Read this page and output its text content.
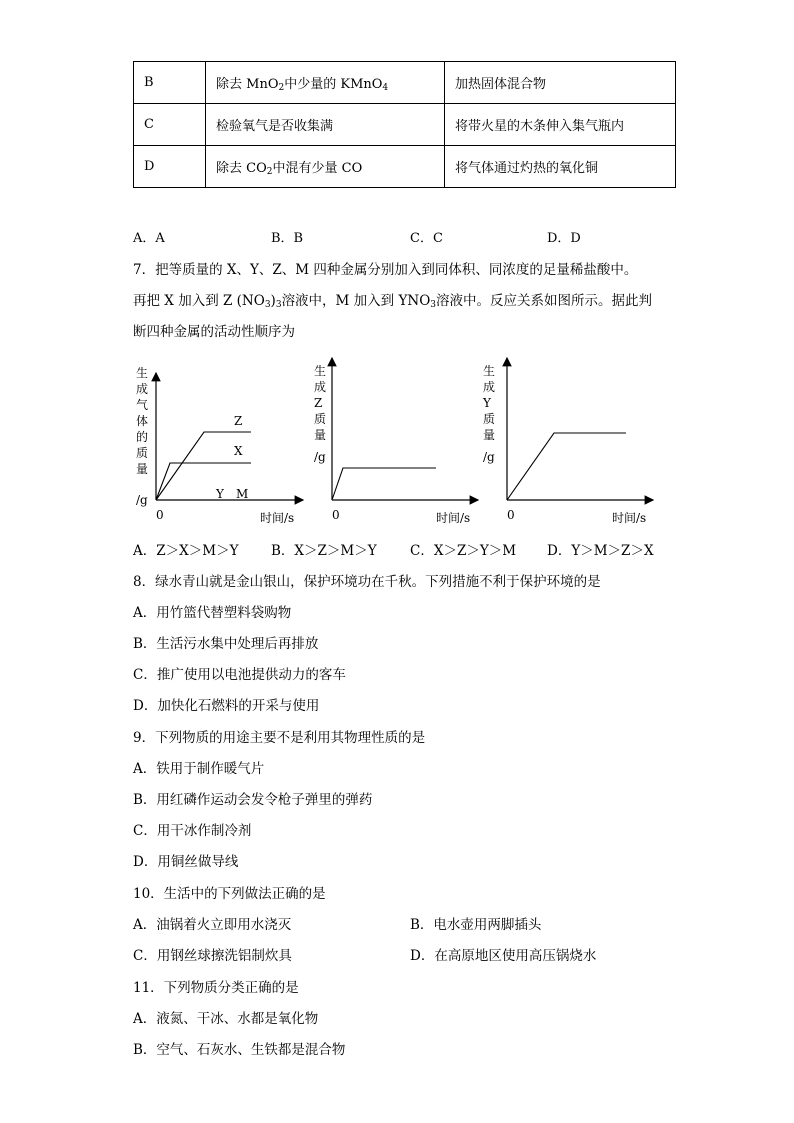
B	除去 MnO$_2$中少量的 KMnO$_4$	加热固体混合物
C	检验氧气是否收集满	将带火星的木条伸入集气瓶内
D	除去 $CO_2$中混有少量 CO	将气体通过灼热的氧化铜
A．A	B．B	C．C	D．D
7．把等质量的 X、Y、Z、M 四种金属分别加入到同体积、同浓度的足量稀盐酸中。
再把 X 加入到 Z $(NO_3)_3$溶液中，M 加入到 $YNO_3$溶液中。反应关系如图所示。据此判
断四种金属的活动性顺序为
生
成
气
体
的
质
量
/g
0	时间/s
Z
X
Y M
生
成
Z
质
量
/g
0	时间/s
生
成
Y
质
量
/g
0	时间/s
A．Z＞X＞M＞Y B．X＞Z＞M＞Y C．X＞Z＞Y＞M D．Y＞M＞Z＞X
8．绿水青山就是金山银山，保护环境功在千秋。下列措施不利于保护环境的是
A．用竹篮代替塑料袋购物
B．生活污水集中处理后再排放
C．推广使用以电池提供动力的客车
D．加快化石燃料的开采与使用
9．下列物质的用途主要不是利用其物理性质的是
A．铁用于制作暖气片
B．用红磷作运动会发令枪子弹里的弹药
C．用干冰作制冷剂
D．用铜丝做导线
10．生活中的下列做法正确的是
A．油锅着火立即用水浇灭	B．电水壶用两脚插头
C．用钢丝球擦洗铝制炊具	D．在高原地区使用高压锅烧水
11．下列物质分类正确的是
A．液氮、干冰、水都是氧化物
B．空气、石灰水、生铁都是混合物
